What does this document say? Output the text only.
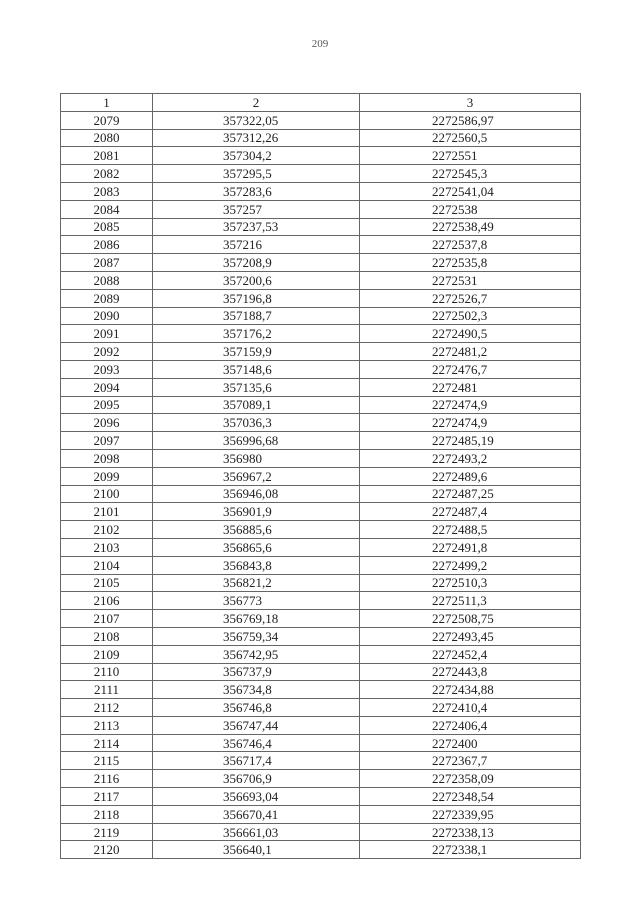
209
1	2	3
2079	357322,05	2272586,97
2080	357312,26	2272560,5
2081	357304,2	2272551
2082	357295,5	2272545,3
2083	357283,6	2272541,04
2084	357257	2272538
2085	357237,53	2272538,49
2086	357216	2272537,8
2087	357208,9	2272535,8
2088	357200,6	2272531
2089	357196,8	2272526,7
2090	357188,7	2272502,3
2091	357176,2	2272490,5
2092	357159,9	2272481,2
2093	357148,6	2272476,7
2094	357135,6	2272481
2095	357089,1	2272474,9
2096	357036,3	2272474,9
2097	356996,68	2272485,19
2098	356980	2272493,2
2099	356967,2	2272489,6
2100	356946,08	2272487,25
2101	356901,9	2272487,4
2102	356885,6	2272488,5
2103	356865,6	2272491,8
2104	356843,8	2272499,2
2105	356821,2	2272510,3
2106	356773	2272511,3
2107	356769,18	2272508,75
2108	356759,34	2272493,45
2109	356742,95	2272452,4
2110	356737,9	2272443,8
2111	356734,8	2272434,88
2112	356746,8	2272410,4
2113	356747,44	2272406,4
2114	356746,4	2272400
2115	356717,4	2272367,7
2116	356706,9	2272358,09
2117	356693,04	2272348,54
2118	356670,41	2272339,95
2119	356661,03	2272338,13
2120	356640,1	2272338,1
